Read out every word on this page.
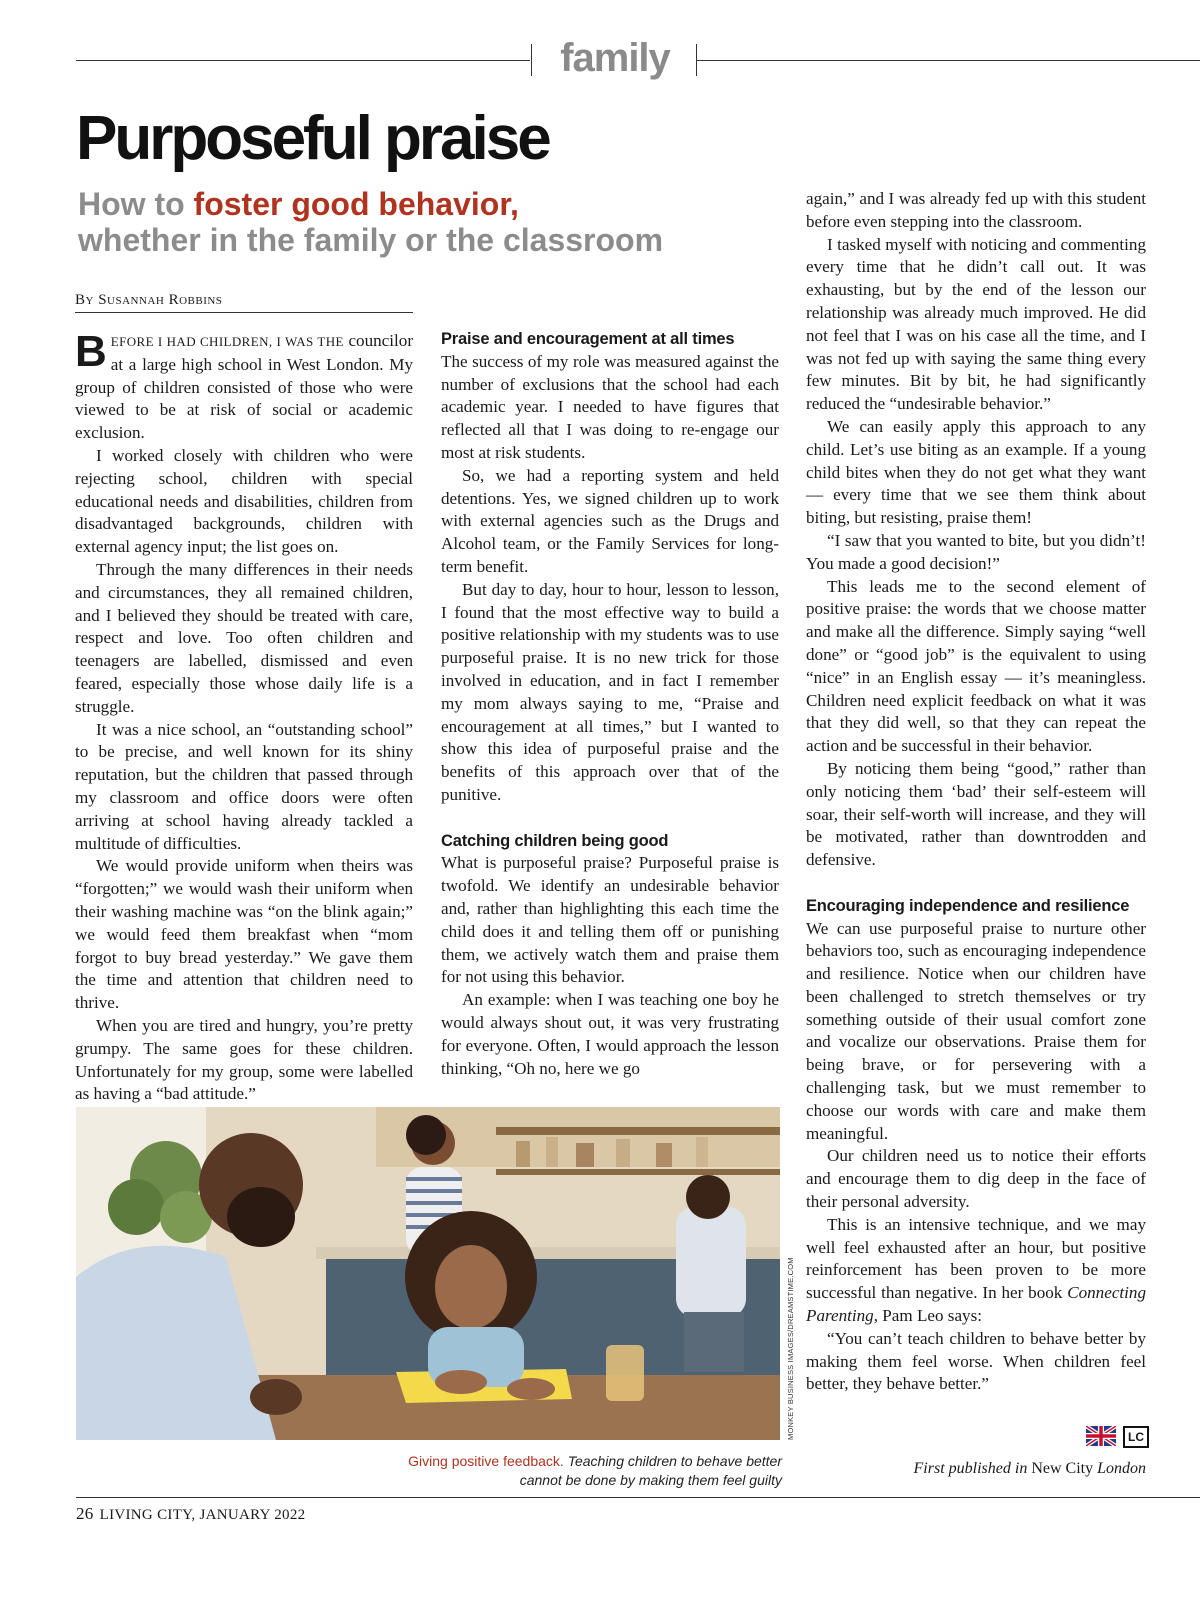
family
Purposeful praise
How to foster good behavior,
whether in the family or the classroom
By Susannah Robbins

BEFORE I HAD CHILDREN, I WAS THE councilor at a large high school in West London. My group of children consisted of those who were viewed to be at risk of social or academic exclusion.

I worked closely with children who were rejecting school, children with special educational needs and disabilities, children from disadvantaged backgrounds, children with external agency input; the list goes on.

Through the many differences in their needs and circumstances, they all remained children, and I believed they should be treated with care, respect and love. Too often children and teenagers are labelled, dismissed and even feared, especially those whose daily life is a struggle.

It was a nice school, an “outstanding school” to be precise, and well known for its shiny reputation, but the children that passed through my classroom and office doors were often arriving at school having already tackled a multitude of difficulties.

We would provide uniform when theirs was “forgotten;” we would wash their uniform when their washing machine was “on the blink again;” we would feed them breakfast when “mom forgot to buy bread yesterday.” We gave them the time and attention that children need to thrive.

When you are tired and hungry, you’re pretty grumpy. The same goes for these children. Unfortunately for my group, some were labelled as having a “bad attitude.”

Praise and encouragement at all times

The success of my role was measured against the number of exclusions that the school had each academic year. I needed to have figures that reflected all that I was doing to re-engage our most at risk students.

So, we had a reporting system and held detentions. Yes, we signed children up to work with external agencies such as the Drugs and Alcohol team, or the Family Services for long-term benefit.

But day to day, hour to hour, lesson to lesson, I found that the most effective way to build a positive relationship with my students was to use purposeful praise. It is no new trick for those involved in education, and in fact I remember my mom always saying to me, “Praise and encouragement at all times,” but I wanted to show this idea of purposeful praise and the benefits of this approach over that of the punitive.

Catching children being good

What is purposeful praise? Purposeful praise is twofold. We identify an undesirable behavior and, rather than highlighting this each time the child does it and telling them off or punishing them, we actively watch them and praise them for not using this behavior.

An example: when I was teaching one boy he would always shout out, it was very frustrating for everyone. Often, I would approach the lesson thinking, “Oh no, here we go

again,” and I was already fed up with this student before even stepping into the classroom.

I tasked myself with noticing and commenting every time that he didn’t call out. It was exhausting, but by the end of the lesson our relationship was already much improved. He did not feel that I was on his case all the time, and I was not fed up with saying the same thing every few minutes. Bit by bit, he had significantly reduced the “undesirable behavior.”

We can easily apply this approach to any child. Let’s use biting as an example. If a young child bites when they do not get what they want — every time that we see them think about biting, but resisting, praise them!

“I saw that you wanted to bite, but you didn’t! You made a good decision!”

This leads me to the second element of positive praise: the words that we choose matter and make all the difference. Simply saying “well done” or “good job” is the equivalent to using “nice” in an English essay — it’s meaningless. Children need explicit feedback on what it was that they did well, so that they can repeat the action and be successful in their behavior.

By noticing them being “good,” rather than only noticing them ‘bad’ their self-esteem will soar, their self-worth will increase, and they will be motivated, rather than downtrodden and defensive.

Encouraging independence and resilience

We can use purposeful praise to nurture other behaviors too, such as encouraging independence and resilience. Notice when our children have been challenged to stretch themselves or try something outside of their usual comfort zone and vocalize our observations. Praise them for being brave, or for persevering with a challenging task, but we must remember to choose our words with care and make them meaningful.

Our children need us to notice their efforts and encourage them to dig deep in the face of their personal adversity.

This is an intensive technique, and we may well feel exhausted after an hour, but positive reinforcement has been proven to be more successful than negative. In her book Connecting Parenting, Pam Leo says:

“You can’t teach children to behave better by making them feel worse. When children feel better, they behave better.”

MONKEY BUSINESS IMAGES/DREAMSTIME.COM
Giving positive feedback. Teaching children to behave better cannot be done by making them feel guilty
LC
First published in New City London
26 LIVING CITY, JANUARY 2022
